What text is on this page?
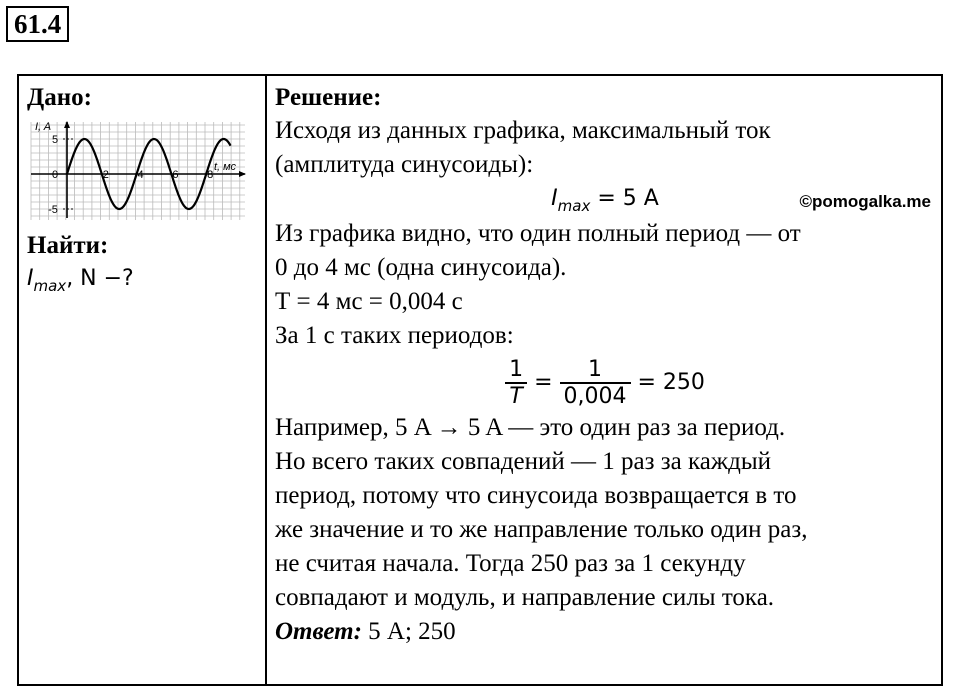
61.4
Дано:
I, A
5
0
-5
2	4	6	8
t, мс
Найти:
$I_{max}$, N −?
Решение:
Исходя из данных графика, максимальный ток
(амплитуда синусоиды):
$I_{max} = 5$ A
Из графика видно, что один полный период — от
0 до 4 мс (одна синусоида).
Т = 4 мс = 0,004 с
За 1 с таких периодов:
$\frac{1}{T} = \frac{1}{0,004} = 250$
Например, 5 A → 5 A — это один раз за период.
Но всего таких совпадений — 1 раз за каждый
период, потому что синусоида возвращается в то
же значение и то же направление только один раз,
не считая начала. Тогда 250 раз за 1 секунду
совпадают и модуль, и направление силы тока.
Ответ: 5 A; 250
©pomogalka.me
